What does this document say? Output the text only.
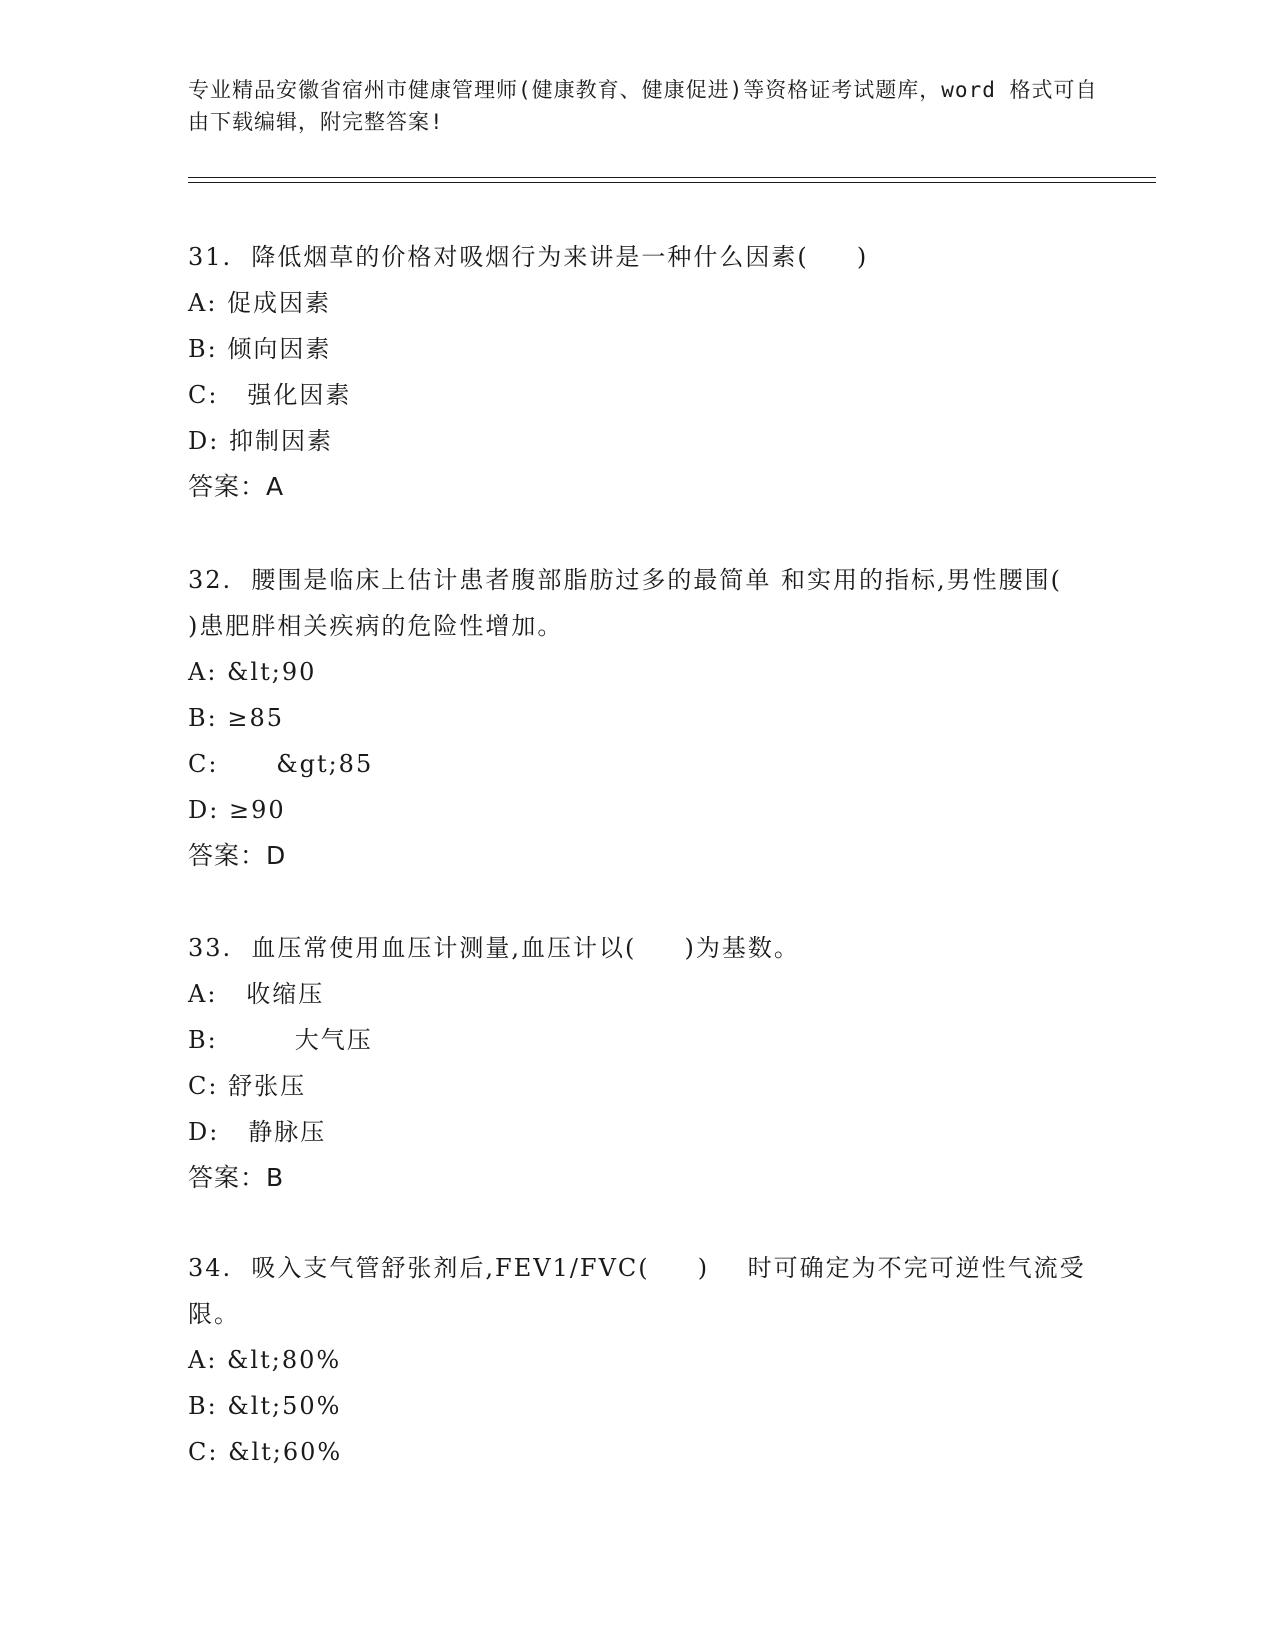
专业精品安徽省宿州市健康管理师(健康教育、健康促进)等资格证考试题库，word 格式可自由下载编辑，附完整答案!

31.  降低烟草的价格对吸烟行为来讲是一种什么因素(     )

A: 促成因素

B: 倾向因素

C:   强化因素

D: 抑制因素

答案：A

32.  腰围是临床上估计患者腹部脂肪过多的最简单 和实用的指标,男性腰围(  )患肥胖相关疾病的危险性增加。

A: &lt;90

B: ≥85

C:      &gt;85

D: ≥90

答案：D

33.  血压常使用血压计测量,血压计以(     )为基数。

A:   收缩压

B:        大气压

C: 舒张压

D:   静脉压

答案：B

34.  吸入支气管舒张剂后,FEV1/FVC(     )    时可确定为不完可逆性气流受限。

A: &lt;80%

B: &lt;50%

C: &lt;60%
